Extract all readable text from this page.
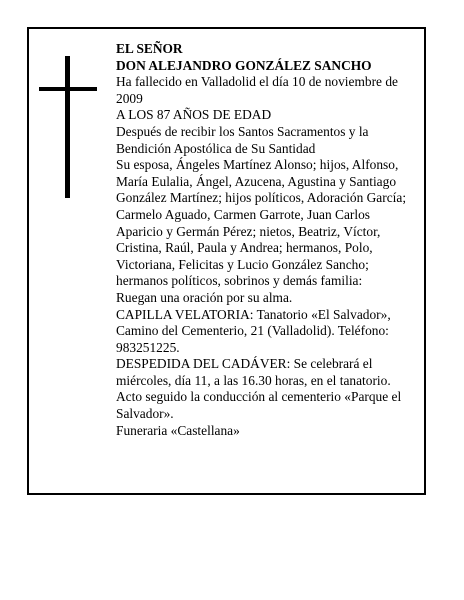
EL SEÑOR

DON ALEJANDRO GONZÁLEZ SANCHO

Ha fallecido en Valladolid el día 10 de noviembre de 2009

A LOS 87 AÑOS DE EDAD

Después de recibir los Santos Sacramentos y la Bendición Apostólica de Su Santidad

Su esposa, Ángeles Martínez Alonso; hijos, Alfonso, María Eulalia, Ángel, Azucena, Agustina y Santiago González Martínez; hijos políticos, Adoración García; Carmelo Aguado, Carmen Garrote, Juan Carlos Aparicio y Germán Pérez; nietos, Beatriz, Víctor, Cristina, Raúl, Paula y Andrea; hermanos, Polo, Victoriana, Felicitas y Lucio González Sancho; hermanos políticos, sobrinos y demás familia:

Ruegan una oración por su alma.

CAPILLA VELATORIA: Tanatorio «El Salvador», Camino del Cementerio, 21 (Valladolid). Teléfono: 983251225.

DESPEDIDA DEL CADÁVER: Se celebrará el miércoles, día 11, a las 16.30 horas, en el tanatorio. Acto seguido la conducción al cementerio «Parque el Salvador».

Funeraria «Castellana»
